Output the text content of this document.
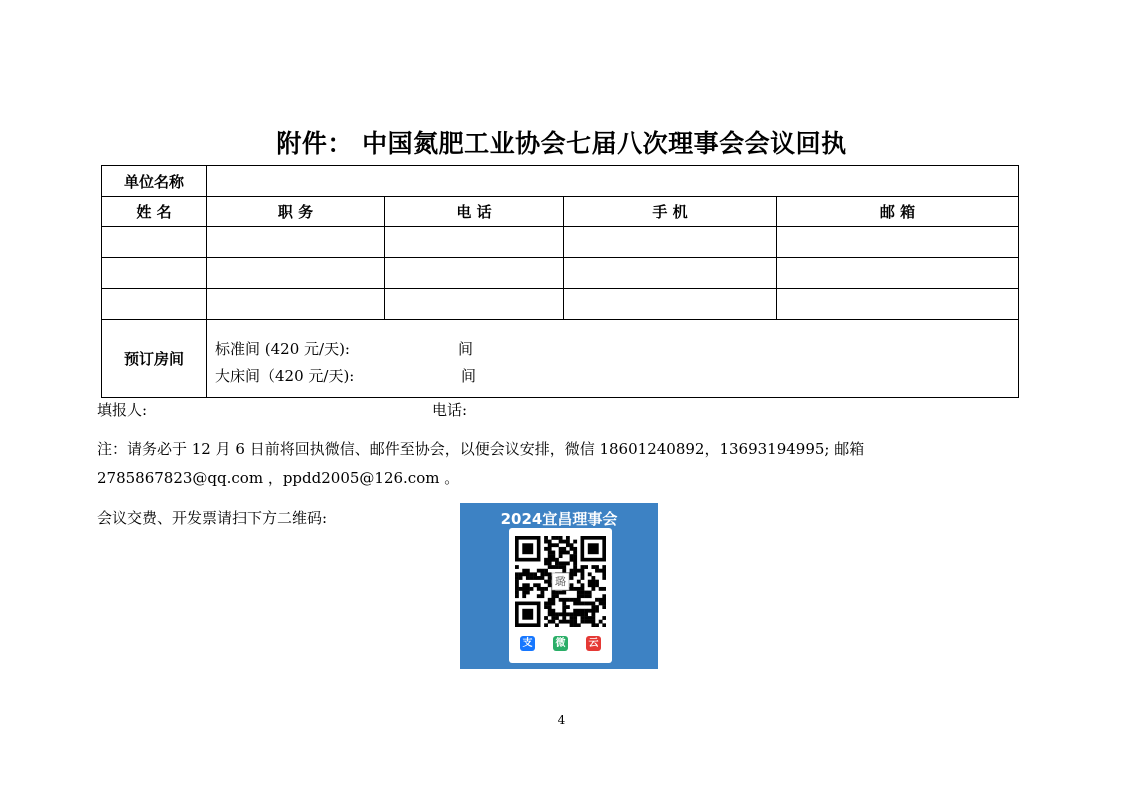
附件： 中国氮肥工业协会七届八次理事会会议回执
单位名称				
姓 名	职 务	电 话	手 机	邮 箱

预订房间	标准间 (420 元/天): 间
大床间（420 元/天): 间			
填报人:	电话:
注：请务必于 12 月 6 日前将回执微信、邮件至协会，以便会议安排，微信 18601240892，13693194995; 邮箱
2785867823@qq.com ，ppdd2005@126.com 。
会议交费、开发票请扫下方二维码:	2024宜昌理事会
璐
支 微 云
4
